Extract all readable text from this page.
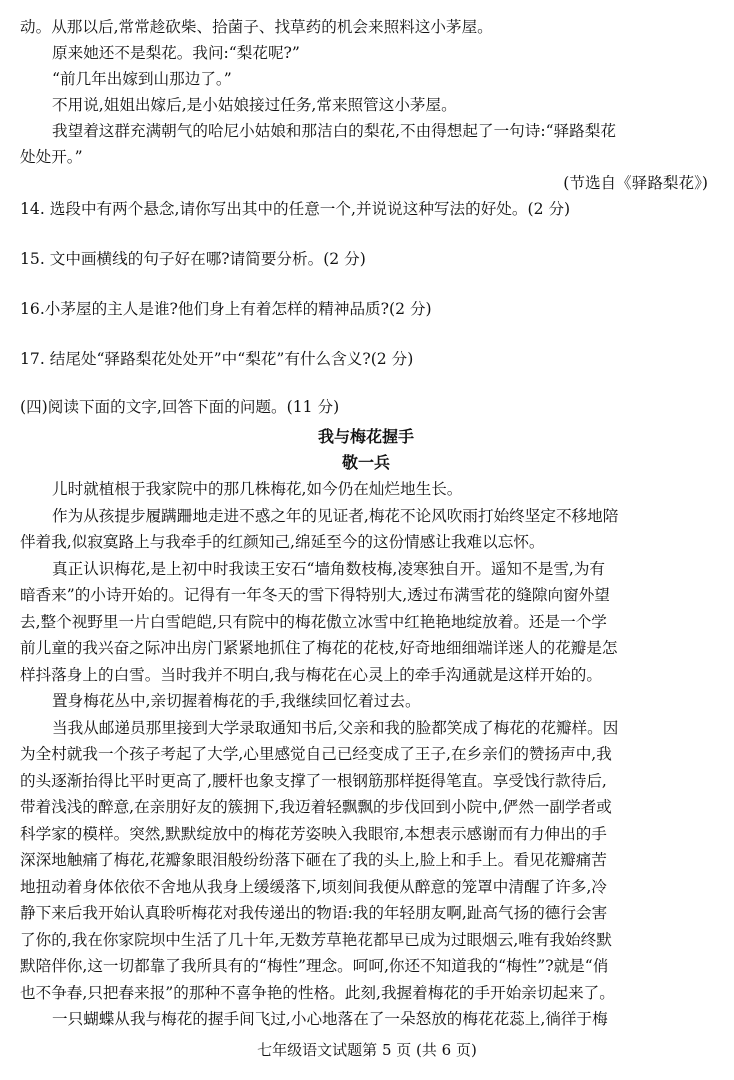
动。从那以后,常常趁砍柴、拾菌子、找草药的机会来照料这小茅屋。
原来她还不是梨花。我问:“梨花呢?”
“前几年出嫁到山那边了。”
不用说,姐姐出嫁后,是小姑娘接过任务,常来照管这小茅屋。
我望着这群充满朝气的哈尼小姑娘和那洁白的梨花,不由得想起了一句诗:“驿路梨花
处处开。”
(节选自《驿路梨花》)
14. 选段中有两个悬念,请你写出其中的任意一个,并说说这种写法的好处。(2 分)
15. 文中画横线的句子好在哪?请简要分析。(2 分)
16.小茅屋的主人是谁?他们身上有着怎样的精神品质?(2 分)
17. 结尾处“驿路梨花处处开”中“梨花”有什么含义?(2 分)
(四)阅读下面的文字,回答下面的问题。(11 分)
我与梅花握手
敬一兵
儿时就植根于我家院中的那几株梅花,如今仍在灿烂地生长。
作为从孩提步履蹒跚地走进不惑之年的见证者,梅花不论风吹雨打始终坚定不移地陪
伴着我,似寂寞路上与我牵手的红颜知己,绵延至今的这份情感让我难以忘怀。
真正认识梅花,是上初中时我读王安石“墙角数枝梅,凌寒独自开。遥知不是雪,为有
暗香来”的小诗开始的。记得有一年冬天的雪下得特别大,透过布满雪花的缝隙向窗外望
去,整个视野里一片白雪皑皑,只有院中的梅花傲立冰雪中红艳艳地绽放着。还是一个学
前儿童的我兴奋之际冲出房门紧紧地抓住了梅花的花枝,好奇地细细端详迷人的花瓣是怎
样抖落身上的白雪。当时我并不明白,我与梅花在心灵上的牵手沟通就是这样开始的。
置身梅花丛中,亲切握着梅花的手,我继续回忆着过去。
当我从邮递员那里接到大学录取通知书后,父亲和我的脸都笑成了梅花的花瓣样。因
为全村就我一个孩子考起了大学,心里感觉自己已经变成了王子,在乡亲们的赞扬声中,我
的头逐渐抬得比平时更高了,腰杆也象支撑了一根钢筋那样挺得笔直。享受饯行款待后,
带着浅浅的醉意,在亲朋好友的簇拥下,我迈着轻飘飘的步伐回到小院中,俨然一副学者或
科学家的模样。突然,默默绽放中的梅花芳姿映入我眼帘,本想表示感谢而有力伸出的手
深深地触痛了梅花,花瓣象眼泪般纷纷落下砸在了我的头上,脸上和手上。看见花瓣痛苦
地扭动着身体依依不舍地从我身上缓缓落下,顷刻间我便从醉意的笼罩中清醒了许多,冷
静下来后我开始认真聆听梅花对我传递出的物语:我的年轻朋友啊,趾高气扬的德行会害
了你的,我在你家院坝中生活了几十年,无数芳草艳花都早已成为过眼烟云,唯有我始终默
默陪伴你,这一切都靠了我所具有的“梅性”理念。呵呵,你还不知道我的“梅性”?就是“俏
也不争春,只把春来报”的那种不喜争艳的性格。此刻,我握着梅花的手开始亲切起来了。
一只蝴蝶从我与梅花的握手间飞过,小心地落在了一朵怒放的梅花花蕊上,徜徉于梅
七年级语文试题第 5 页 (共 6 页)
